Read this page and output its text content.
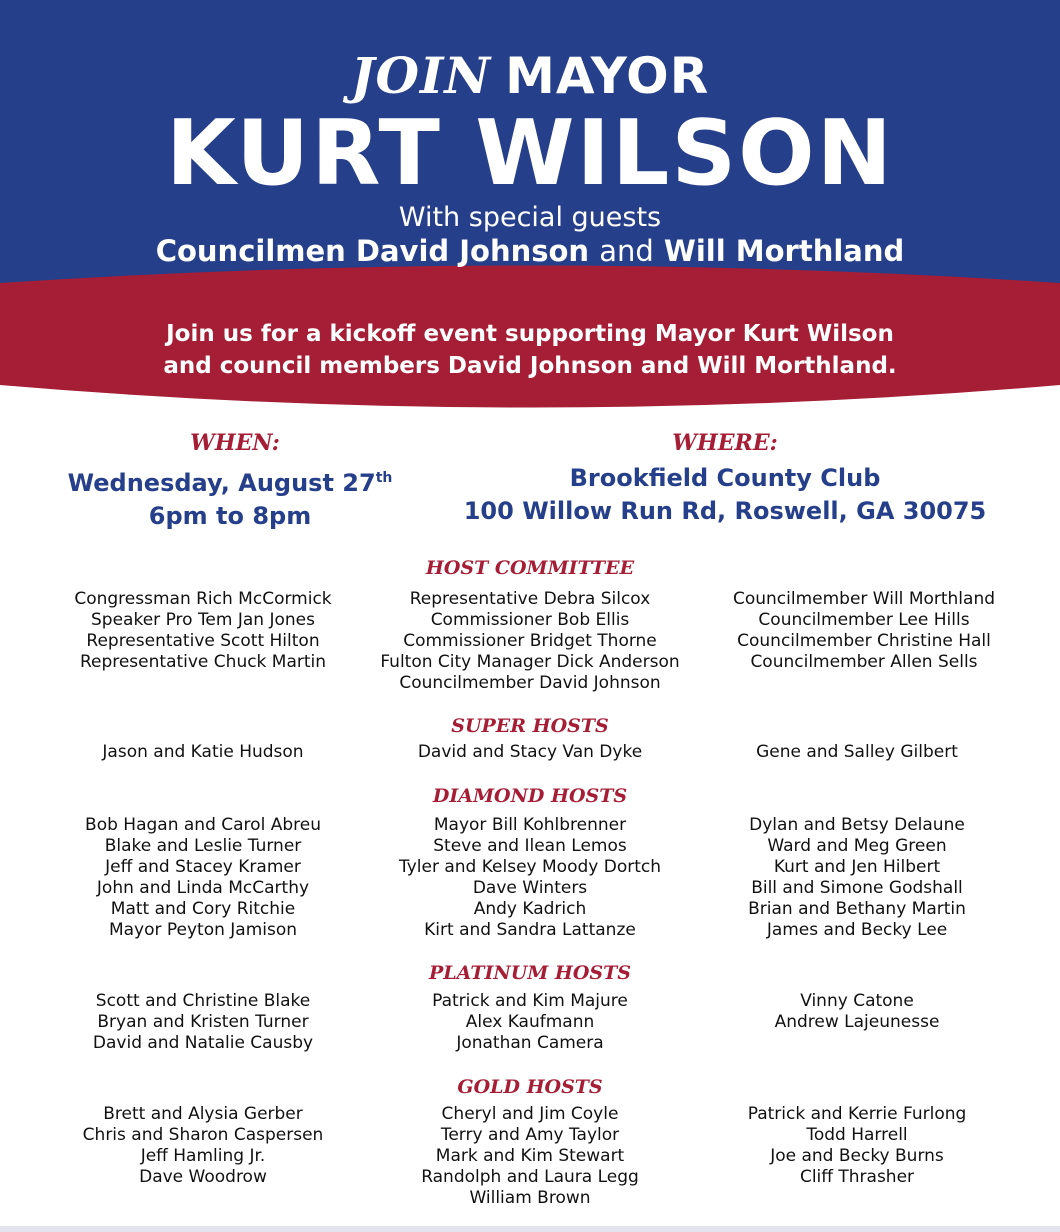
JOIN MAYOR
KURT WILSON
With special guests
Councilmen David Johnson and Will Morthland
Join us for a kickoff event supporting Mayor Kurt Wilson
and council members David Johnson and Will Morthland.
WHEN:
Wednesday, August 27th
6pm to 8pm
WHERE:
Brookfield County Club
100 Willow Run Rd, Roswell, GA 30075
HOST COMMITTEE
Congressman Rich McCormick
Speaker Pro Tem Jan Jones
Representative Scott Hilton
Representative Chuck Martin
Representative Debra Silcox
Commissioner Bob Ellis
Commissioner Bridget Thorne
Fulton City Manager Dick Anderson
Councilmember David Johnson
Councilmember Will Morthland
Councilmember Lee Hills
Councilmember Christine Hall
Councilmember Allen Sells
SUPER HOSTS
Jason and Katie Hudson	David and Stacy Van Dyke	Gene and Salley Gilbert
DIAMOND HOSTS
Bob Hagan and Carol Abreu
Blake and Leslie Turner
Jeff and Stacey Kramer
John and Linda McCarthy
Matt and Cory Ritchie
Mayor Peyton Jamison
Mayor Bill Kohlbrenner
Steve and Ilean Lemos
Tyler and Kelsey Moody Dortch
Dave Winters
Andy Kadrich
Kirt and Sandra Lattanze
Dylan and Betsy Delaune
Ward and Meg Green
Kurt and Jen Hilbert
Bill and Simone Godshall
Brian and Bethany Martin
James and Becky Lee
PLATINUM HOSTS
Scott and Christine Blake
Bryan and Kristen Turner
David and Natalie Causby
Patrick and Kim Majure
Alex Kaufmann
Jonathan Camera
Vinny Catone
Andrew Lajeunesse
GOLD HOSTS
Brett and Alysia Gerber
Chris and Sharon Caspersen
Jeff Hamling Jr.
Dave Woodrow
Cheryl and Jim Coyle
Terry and Amy Taylor
Mark and Kim Stewart
Randolph and Laura Legg
William Brown
Patrick and Kerrie Furlong
Todd Harrell
Joe and Becky Burns
Cliff Thrasher
